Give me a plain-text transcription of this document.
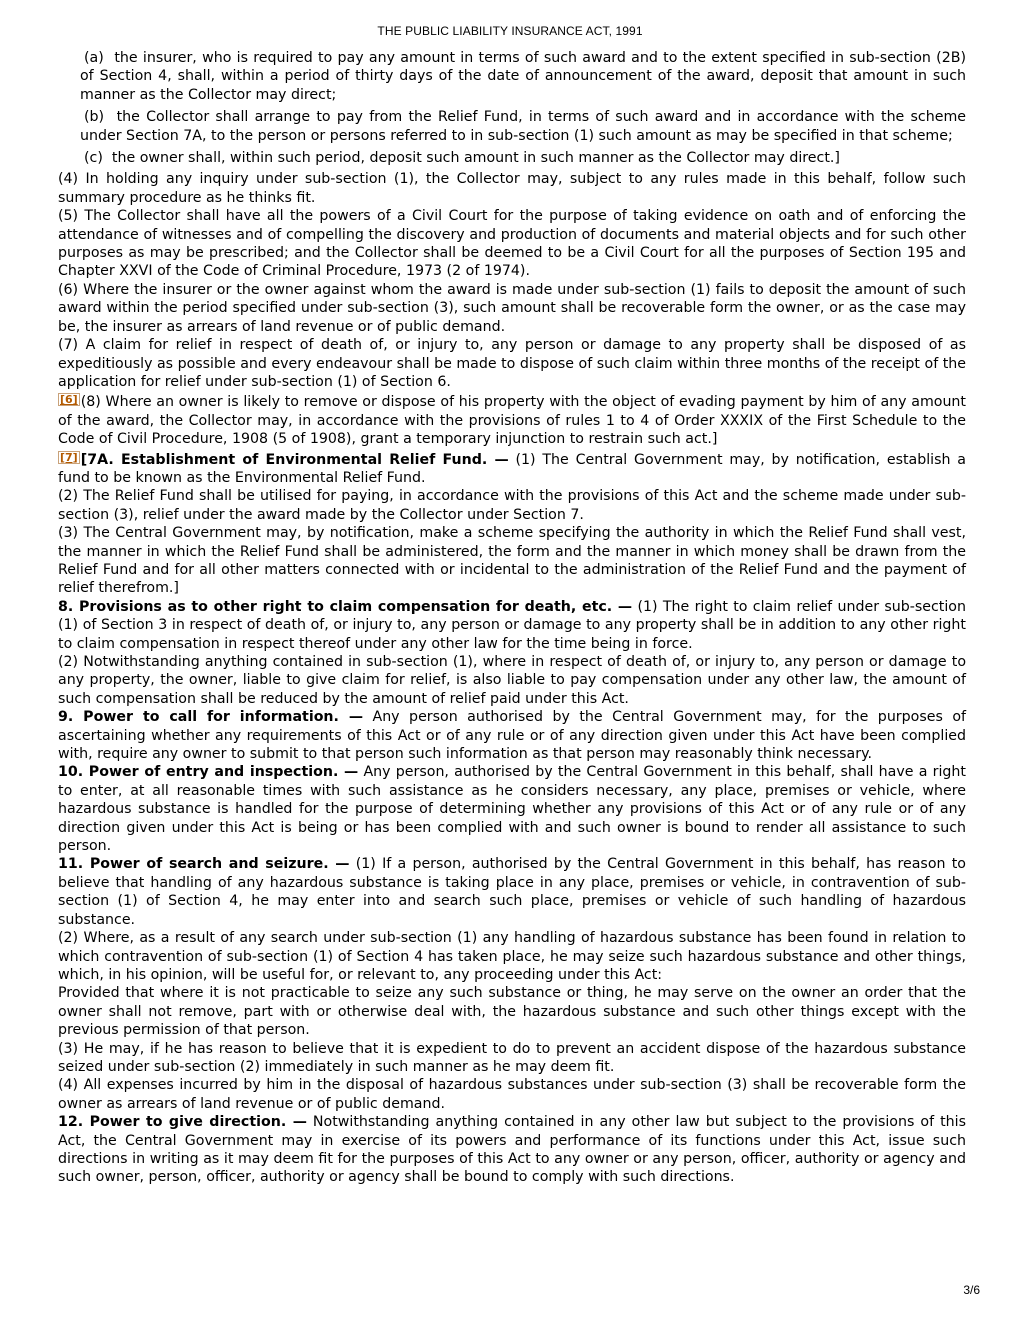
THE PUBLIC LIABILITY INSURANCE ACT, 1991

(a) the insurer, who is required to pay any amount in terms of such award and to the extent specified in sub-section (2B) of Section 4, shall, within a period of thirty days of the date of announcement of the award, deposit that amount in such manner as the Collector may direct;

(b) the Collector shall arrange to pay from the Relief Fund, in terms of such award and in accordance with the scheme under Section 7A, to the person or persons referred to in sub-section (1) such amount as may be specified in that scheme;

(c) the owner shall, within such period, deposit such amount in such manner as the Collector may direct.]

(4) In holding any inquiry under sub-section (1), the Collector may, subject to any rules made in this behalf, follow such summary procedure as he thinks fit.

(5) The Collector shall have all the powers of a Civil Court for the purpose of taking evidence on oath and of enforcing the attendance of witnesses and of compelling the discovery and production of documents and material objects and for such other purposes as may be prescribed; and the Collector shall be deemed to be a Civil Court for all the purposes of Section 195 and Chapter XXVI of the Code of Criminal Procedure, 1973 (2 of 1974).

(6) Where the insurer or the owner against whom the award is made under sub-section (1) fails to deposit the amount of such award within the period specified under sub-section (3), such amount shall be recoverable form the owner, or as the case may be, the insurer as arrears of land revenue or of public demand.

(7) A claim for relief in respect of death of, or injury to, any person or damage to any property shall be disposed of as expeditiously as possible and every endeavour shall be made to dispose of such claim within three months of the receipt of the application for relief under sub-section (1) of Section 6.

[6] (8) Where an owner is likely to remove or dispose of his property with the object of evading payment by him of any amount of the award, the Collector may, in accordance with the provisions of rules 1 to 4 of Order XXXIX of the First Schedule to the Code of Civil Procedure, 1908 (5 of 1908), grant a temporary injunction to restrain such act.]

[7] [7A. Establishment of Environmental Relief Fund. — (1) The Central Government may, by notification, establish a fund to be known as the Environmental Relief Fund.

(2) The Relief Fund shall be utilised for paying, in accordance with the provisions of this Act and the scheme made under sub-section (3), relief under the award made by the Collector under Section 7.

(3) The Central Government may, by notification, make a scheme specifying the authority in which the Relief Fund shall vest, the manner in which the Relief Fund shall be administered, the form and the manner in which money shall be drawn from the Relief Fund and for all other matters connected with or incidental to the administration of the Relief Fund and the payment of relief therefrom.]

8. Provisions as to other right to claim compensation for death, etc. — (1) The right to claim relief under sub-section (1) of Section 3 in respect of death of, or injury to, any person or damage to any property shall be in addition to any other right to claim compensation in respect thereof under any other law for the time being in force.

(2) Notwithstanding anything contained in sub-section (1), where in respect of death of, or injury to, any person or damage to any property, the owner, liable to give claim for relief, is also liable to pay compensation under any other law, the amount of such compensation shall be reduced by the amount of relief paid under this Act.

9. Power to call for information. — Any person authorised by the Central Government may, for the purposes of ascertaining whether any requirements of this Act or of any rule or of any direction given under this Act have been complied with, require any owner to submit to that person such information as that person may reasonably think necessary.

10. Power of entry and inspection. — Any person, authorised by the Central Government in this behalf, shall have a right to enter, at all reasonable times with such assistance as he considers necessary, any place, premises or vehicle, where hazardous substance is handled for the purpose of determining whether any provisions of this Act or of any rule or of any direction given under this Act is being or has been complied with and such owner is bound to render all assistance to such person.

11. Power of search and seizure. — (1) If a person, authorised by the Central Government in this behalf, has reason to believe that handling of any hazardous substance is taking place in any place, premises or vehicle, in contravention of sub-section (1) of Section 4, he may enter into and search such place, premises or vehicle of such handling of hazardous substance.

(2) Where, as a result of any search under sub-section (1) any handling of hazardous substance has been found in relation to which contravention of sub-section (1) of Section 4 has taken place, he may seize such hazardous substance and other things, which, in his opinion, will be useful for, or relevant to, any proceeding under this Act:

Provided that where it is not practicable to seize any such substance or thing, he may serve on the owner an order that the owner shall not remove, part with or otherwise deal with, the hazardous substance and such other things except with the previous permission of that person.

(3) He may, if he has reason to believe that it is expedient to do to prevent an accident dispose of the hazardous substance seized under sub-section (2) immediately in such manner as he may deem fit.

(4) All expenses incurred by him in the disposal of hazardous substances under sub-section (3) shall be recoverable form the owner as arrears of land revenue or of public demand.

12. Power to give direction. — Notwithstanding anything contained in any other law but subject to the provisions of this Act, the Central Government may in exercise of its powers and performance of its functions under this Act, issue such directions in writing as it may deem fit for the purposes of this Act to any owner or any person, officer, authority or agency and such owner, person, officer, authority or agency shall be bound to comply with such directions.

3/6
